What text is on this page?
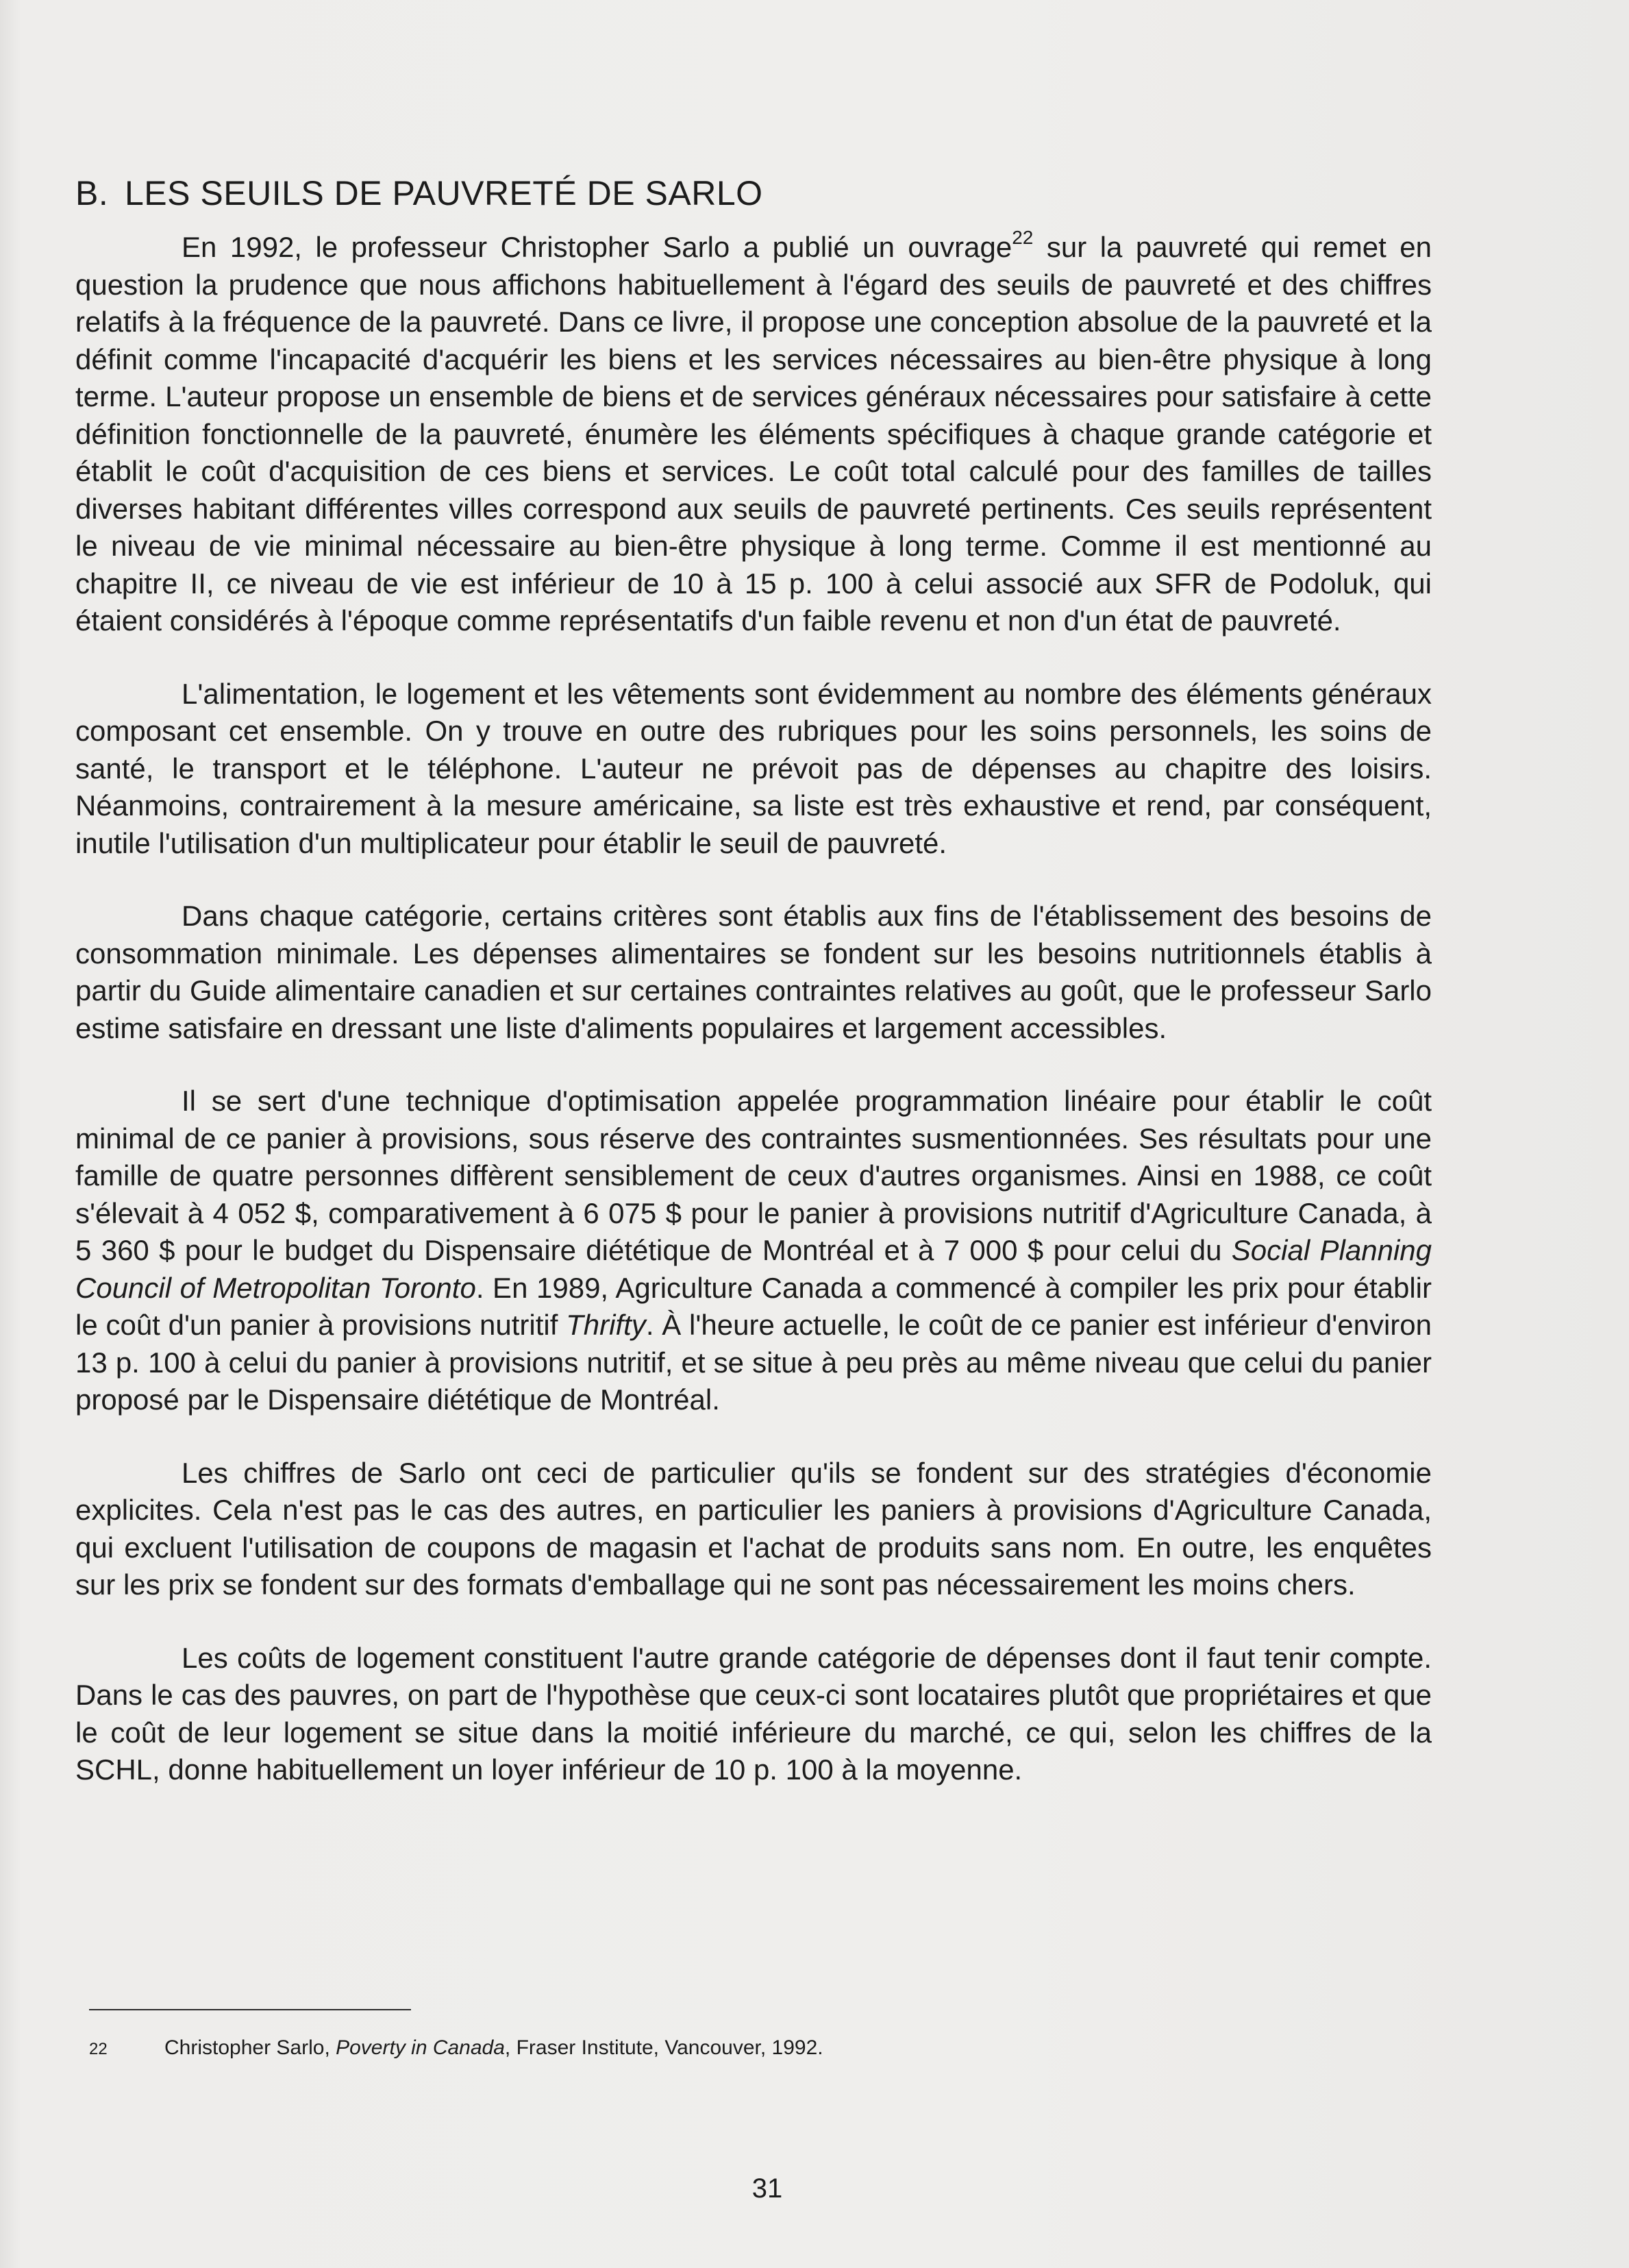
B. LES SEUILS DE PAUVRETÉ DE SARLO

En 1992, le professeur Christopher Sarlo a publié un ouvrage$^{22}$ sur la pauvreté qui remet en question la prudence que nous affichons habituellement à l'égard des seuils de pauvreté et des chiffres relatifs à la fréquence de la pauvreté. Dans ce livre, il propose une conception absolue de la pauvreté et la définit comme l'incapacité d'acquérir les biens et les services nécessaires au bien-être physique à long terme. L'auteur propose un ensemble de biens et de services généraux nécessaires pour satisfaire à cette définition fonctionnelle de la pauvreté, énumère les éléments spécifiques à chaque grande catégorie et établit le coût d'acquisition de ces biens et services. Le coût total calculé pour des familles de tailles diverses habitant différentes villes correspond aux seuils de pauvreté pertinents. Ces seuils représentent le niveau de vie minimal nécessaire au bien-être physique à long terme. Comme il est mentionné au chapitre II, ce niveau de vie est inférieur de 10 à 15 p. 100 à celui associé aux SFR de Podoluk, qui étaient considérés à l'époque comme représentatifs d'un faible revenu et non d'un état de pauvreté.

L'alimentation, le logement et les vêtements sont évidemment au nombre des éléments généraux composant cet ensemble. On y trouve en outre des rubriques pour les soins personnels, les soins de santé, le transport et le téléphone. L'auteur ne prévoit pas de dépenses au chapitre des loisirs. Néanmoins, contrairement à la mesure américaine, sa liste est très exhaustive et rend, par conséquent, inutile l'utilisation d'un multiplicateur pour établir le seuil de pauvreté.

Dans chaque catégorie, certains critères sont établis aux fins de l'établissement des besoins de consommation minimale. Les dépenses alimentaires se fondent sur les besoins nutritionnels établis à partir du Guide alimentaire canadien et sur certaines contraintes relatives au goût, que le professeur Sarlo estime satisfaire en dressant une liste d'aliments populaires et largement accessibles.

Il se sert d'une technique d'optimisation appelée programmation linéaire pour établir le coût minimal de ce panier à provisions, sous réserve des contraintes susmentionnées. Ses résultats pour une famille de quatre personnes diffèrent sensiblement de ceux d'autres organismes. Ainsi en 1988, ce coût s'élevait à 4 052 $, comparativement à 6 075 $ pour le panier à provisions nutritif d'Agriculture Canada, à 5 360 $ pour le budget du Dispensaire diététique de Montréal et à 7 000 $ pour celui du Social Planning Council of Metropolitan Toronto. En 1989, Agriculture Canada a commencé à compiler les prix pour établir le coût d'un panier à provisions nutritif Thrifty. À l'heure actuelle, le coût de ce panier est inférieur d'environ 13 p. 100 à celui du panier à provisions nutritif, et se situe à peu près au même niveau que celui du panier proposé par le Dispensaire diététique de Montréal.

Les chiffres de Sarlo ont ceci de particulier qu'ils se fondent sur des stratégies d'économie explicites. Cela n'est pas le cas des autres, en particulier les paniers à provisions d'Agriculture Canada, qui excluent l'utilisation de coupons de magasin et l'achat de produits sans nom. En outre, les enquêtes sur les prix se fondent sur des formats d'emballage qui ne sont pas nécessairement les moins chers.

Les coûts de logement constituent l'autre grande catégorie de dépenses dont il faut tenir compte. Dans le cas des pauvres, on part de l'hypothèse que ceux-ci sont locataires plutôt que propriétaires et que le coût de leur logement se situe dans la moitié inférieure du marché, ce qui, selon les chiffres de la SCHL, donne habituellement un loyer inférieur de 10 p. 100 à la moyenne.

22	Christopher Sarlo, Poverty in Canada, Fraser Institute, Vancouver, 1992.
31
